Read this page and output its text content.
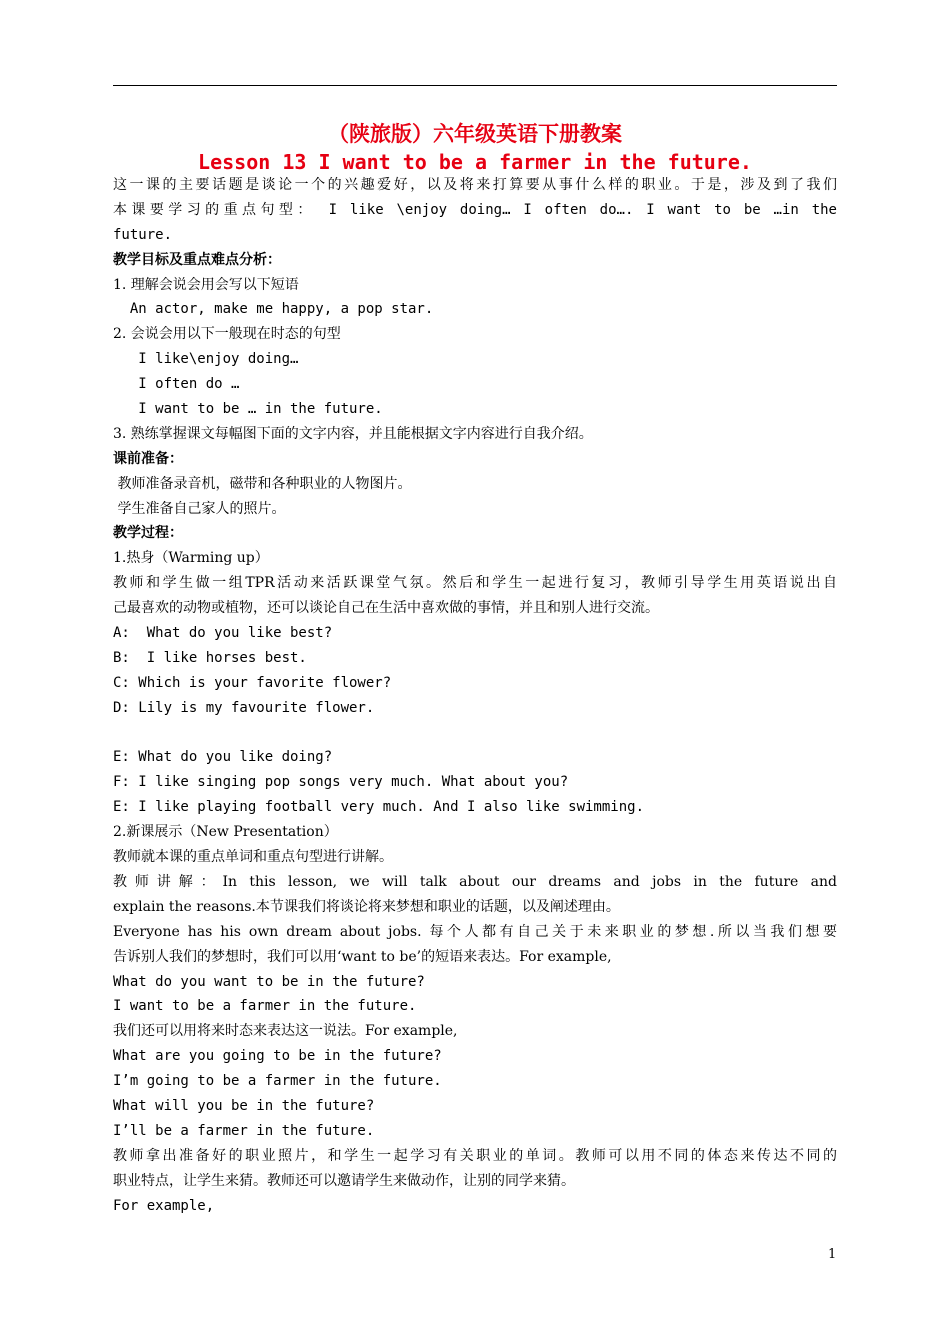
（陕旅版）六年级英语下册教案
Lesson 13 I want to be a farmer in the future.
这一课的主要话题是谈论一个的兴趣爱好，以及将来打算要从事什么样的职业。于是，涉及到了我们
本课要学习的重点句型： I like \enjoy doing… I often do…. I want to be …in the
future.
教学目标及重点难点分析：
1. 理解会说会用会写以下短语
An actor, make me happy, a pop star.
2. 会说会用以下一般现在时态的句型
I like\enjoy doing…
I often do …
I want to be … in the future.
3. 熟练掌握课文每幅图下面的文字内容，并且能根据文字内容进行自我介绍。
课前准备：
教师准备录音机，磁带和各种职业的人物图片。
学生准备自己家人的照片。
教学过程：
1.热身（Warming up）
教师和学生做一组TPR活动来活跃课堂气氛。然后和学生一起进行复习，教师引导学生用英语说出自
己最喜欢的动物或植物，还可以谈论自己在生活中喜欢做的事情，并且和别人进行交流。
A:  What do you like best?
B:  I like horses best.
C: Which is your favorite flower?
D: Lily is my favourite flower.
E: What do you like doing?
F: I like singing pop songs very much. What about you?
E: I like playing football very much. And I also like swimming.
2.新课展示（New Presentation）
教师就本课的重点单词和重点句型进行讲解。
教师讲解：In this lesson, we will talk about our dreams and jobs in the future and
explain the reasons.本节课我们将谈论将来梦想和职业的话题，以及阐述理由。
Everyone has his own dream about jobs. 每个人都有自己关于未来职业的梦想.所以当我们想要
告诉别人我们的梦想时，我们可以用‘want to be’的短语来表达。For example,
What do you want to be in the future?
I want to be a farmer in the future.
我们还可以用将来时态来表达这一说法。For example,
What are you going to be in the future?
I’m going to be a farmer in the future.
What will you be in the future?
I’ll be a farmer in the future.
教师拿出准备好的职业照片，和学生一起学习有关职业的单词。教师可以用不同的体态来传达不同的
职业特点，让学生来猜。教师还可以邀请学生来做动作，让别的同学来猜。
For example,
1
